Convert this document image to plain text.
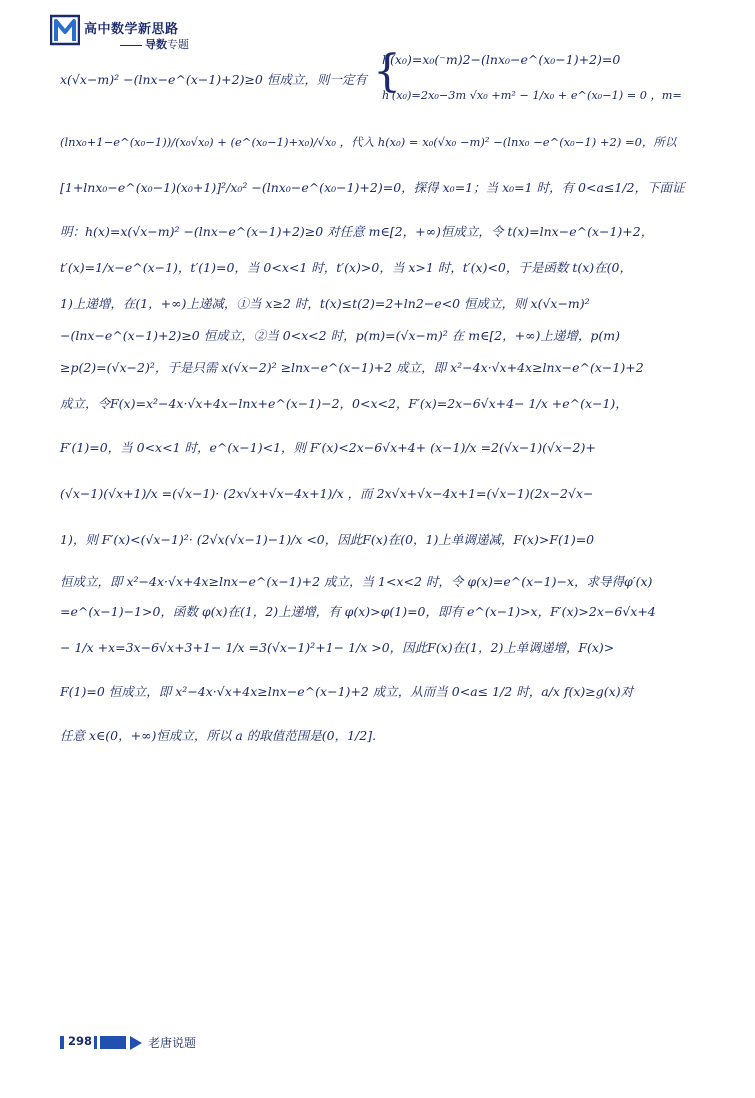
高中数学新思路
导数专题
{
h(x₀)=x₀(⁻m)2−(lnx₀−e^(x₀−1)+2)=0
x(√x−m)² −(lnx−e^(x−1)+2)≥0 恒成立，则一定有
h′(x₀)=2x₀−3m √x₀ +m² − 1/x₀ + e^(x₀−1) = 0 ，m=
(lnx₀+1−e^(x₀−1))/(x₀√x₀) + (e^(x₀−1)+x₀)/√x₀ ，代入 h(x₀) = x₀(√x₀ −m)² −(lnx₀ −e^(x₀−1) +2) =0，所以
[1+lnx₀−e^(x₀−1)(x₀+1)]²/x₀² −(lnx₀−e^(x₀−1)+2)=0，探得 x₀=1；当 x₀=1 时，有 0<a≤1/2，下面证
明：h(x)=x(√x−m)² −(lnx−e^(x−1)+2)≥0 对任意 m∈[2，+∞)恒成立，令 t(x)=lnx−e^(x−1)+2，
t′(x)=1/x−e^(x−1)，t′(1)=0，当 0<x<1 时，t′(x)>0，当 x>1 时，t′(x)<0，于是函数 t(x)在(0，
1)上递增，在(1，+∞)上递减，①当 x≥2 时，t(x)≤t(2)=2+ln2−e<0 恒成立，则 x(√x−m)²
−(lnx−e^(x−1)+2)≥0 恒成立，②当 0<x<2 时，p(m)=(√x−m)² 在 m∈[2，+∞)上递增，p(m)
≥p(2)=(√x−2)²，于是只需 x(√x−2)² ≥lnx−e^(x−1)+2 成立，即 x²−4x·√x+4x≥lnx−e^(x−1)+2
成立，令F(x)=x²−4x·√x+4x−lnx+e^(x−1)−2，0<x<2，F′(x)=2x−6√x+4− 1/x +e^(x−1)，
F′(1)=0，当 0<x<1 时，e^(x−1)<1，则 F′(x)<2x−6√x+4+ (x−1)/x =2(√x−1)(√x−2)+
(√x−1)(√x+1)/x =(√x−1)· (2x√x+√x−4x+1)/x ，而 2x√x+√x−4x+1=(√x−1)(2x−2√x−
1)，则 F′(x)<(√x−1)²· (2√x(√x−1)−1)/x <0，因此F(x)在(0，1)上单调递减，F(x)>F(1)=0
恒成立，即 x²−4x·√x+4x≥lnx−e^(x−1)+2 成立，当 1<x<2 时，令 φ(x)=e^(x−1)−x，求导得φ′(x)
=e^(x−1)−1>0，函数 φ(x)在(1，2)上递增，有 φ(x)>φ(1)=0，即有 e^(x−1)>x，F′(x)>2x−6√x+4
− 1/x +x=3x−6√x+3+1− 1/x =3(√x−1)²+1− 1/x >0，因此F(x)在(1，2)上单调递增，F(x)>
F(1)=0 恒成立，即 x²−4x·√x+4x≥lnx−e^(x−1)+2 成立，从而当 0<a≤ 1/2 时，a/x f(x)≥g(x)对
任意 x∈(0，+∞)恒成立，所以 a 的取值范围是(0，1/2].
298	老唐说题
